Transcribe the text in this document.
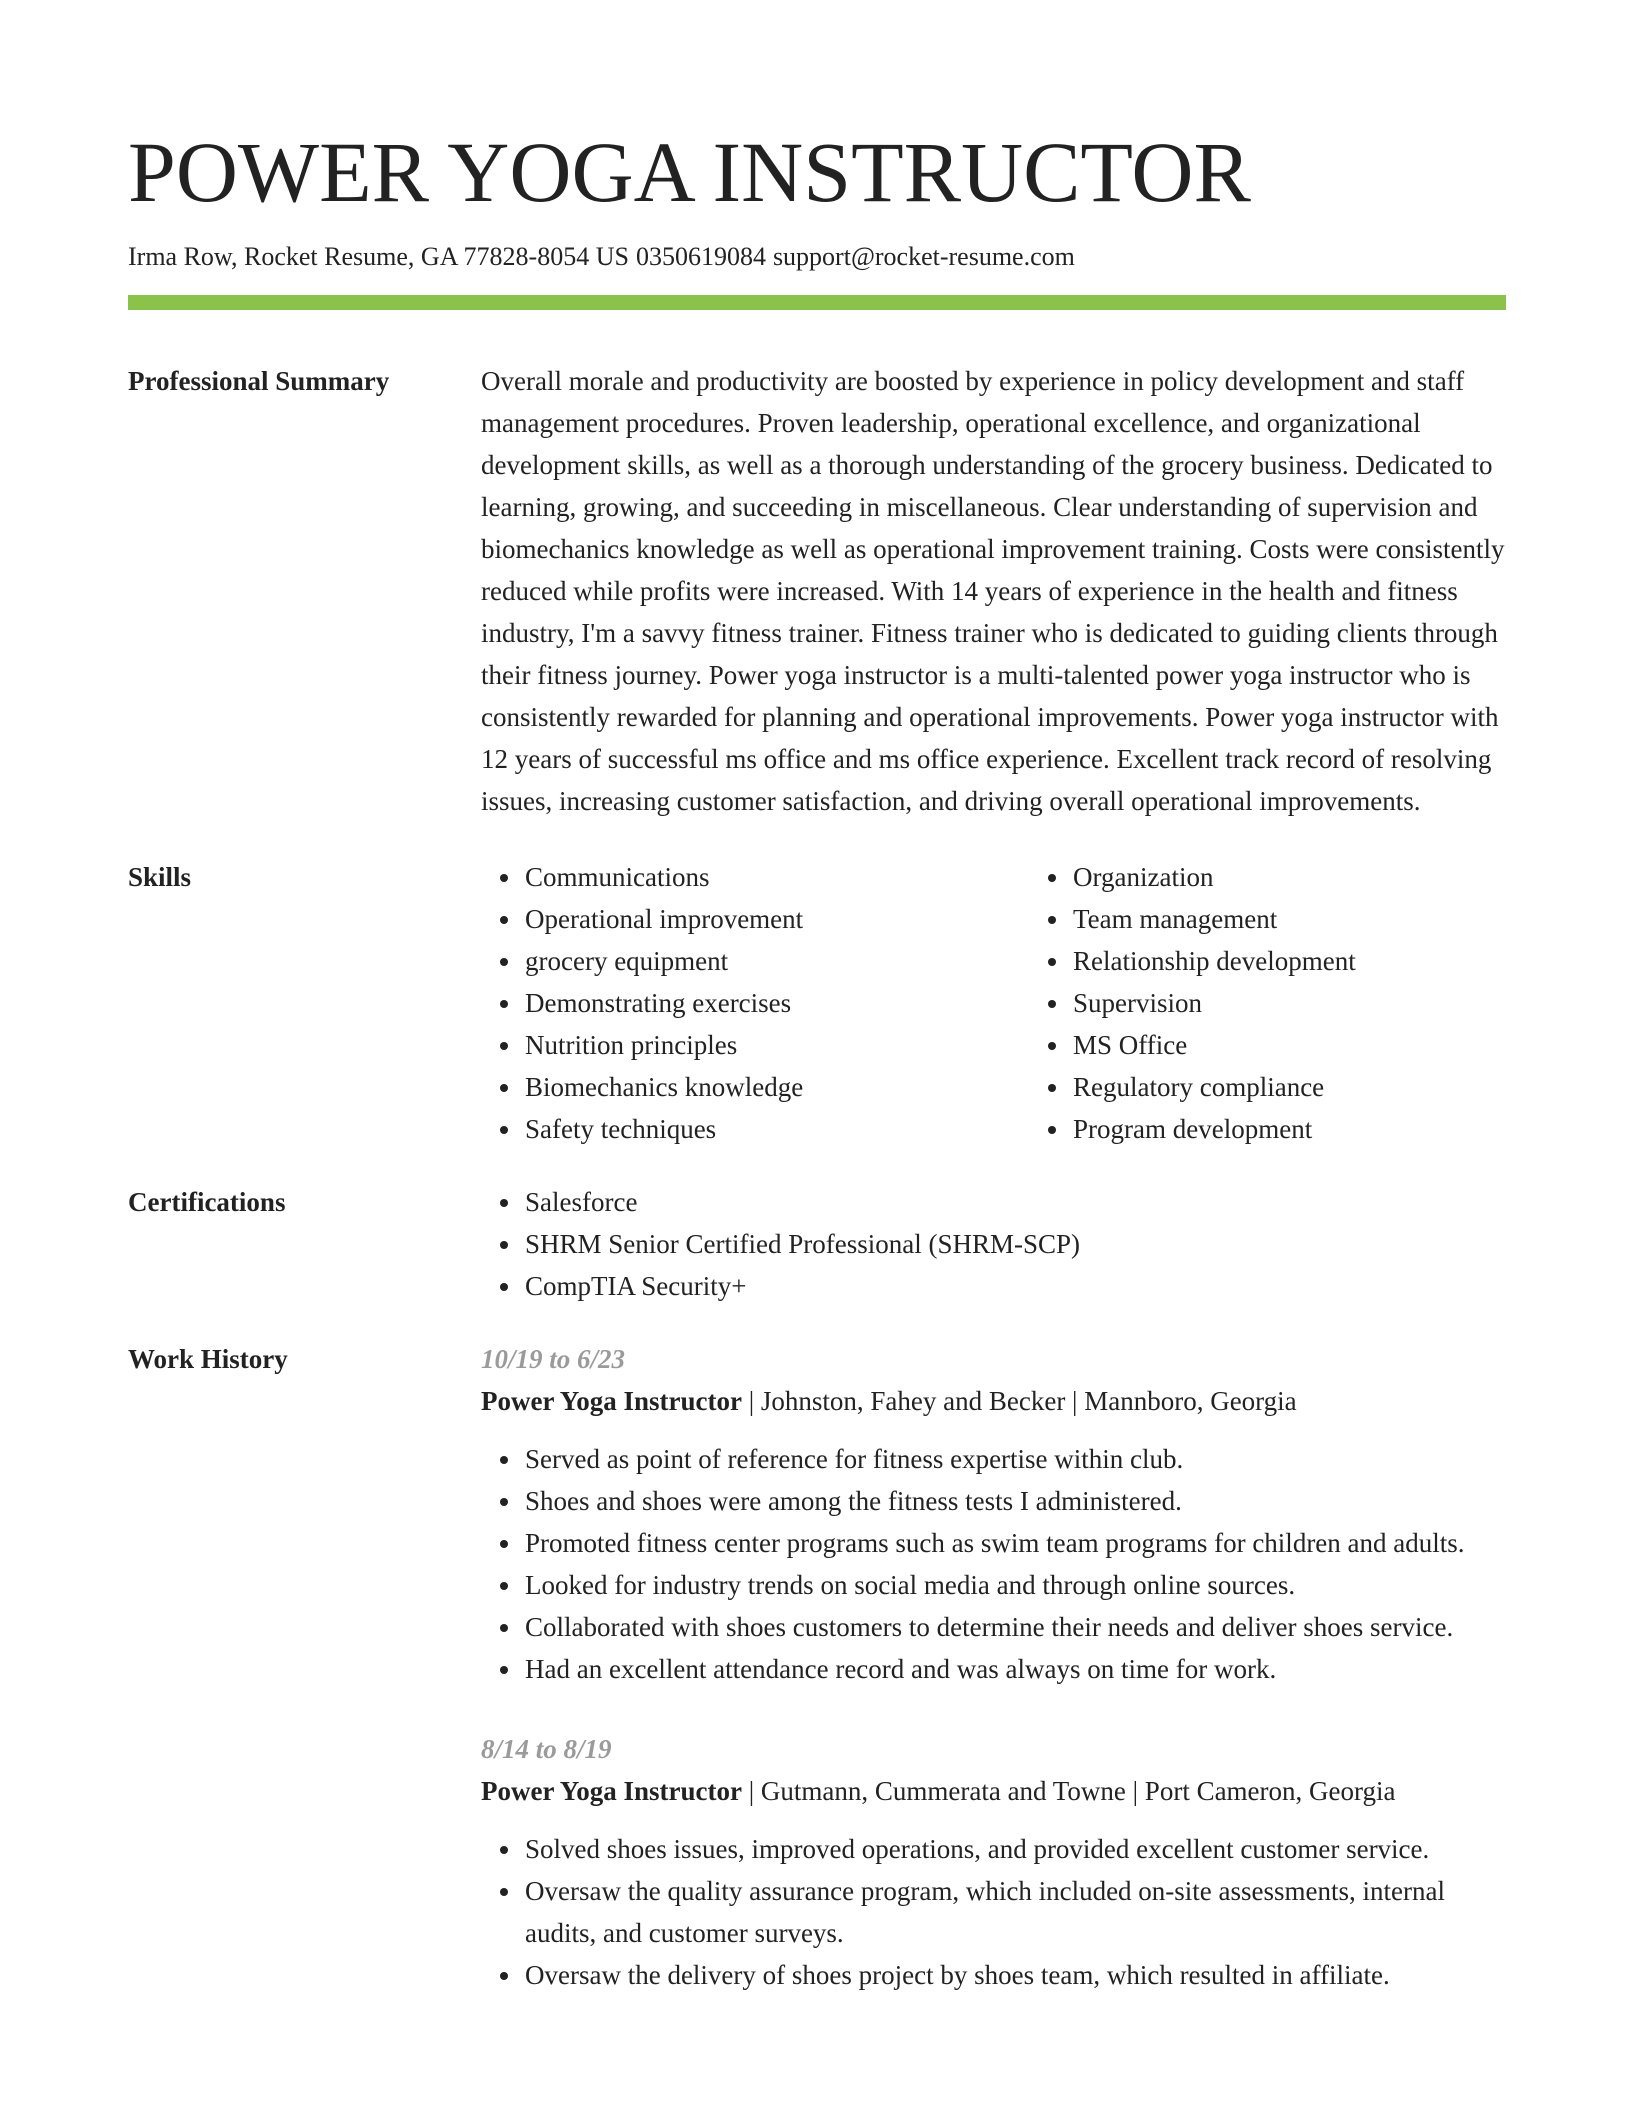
POWER YOGA INSTRUCTOR
Irma Row, Rocket Resume, GA 77828-8054 US 0350619084 support@rocket-resume.com
Professional Summary	Overall morale and productivity are boosted by experience in policy development and staff management procedures. Proven leadership, operational excellence, and organizational development skills, as well as a thorough understanding of the grocery business. Dedicated to learning, growing, and succeeding in miscellaneous. Clear understanding of supervision and biomechanics knowledge as well as operational improvement training. Costs were consistently reduced while profits were increased. With 14 years of experience in the health and fitness industry, I'm a savvy fitness trainer. Fitness trainer who is dedicated to guiding clients through their fitness journey. Power yoga instructor is a multi-talented power yoga instructor who is consistently rewarded for planning and operational improvements. Power yoga instructor with 12 years of successful ms office and ms office experience. Excellent track record of resolving issues, increasing customer satisfaction, and driving overall operational improvements.

Skills	Communications
Operational improvement
grocery equipment
Demonstrating exercises
Nutrition principles
Biomechanics knowledge
Safety techniques
Organization
Team management
Relationship development
Supervision
MS Office
Regulatory compliance
Program development
Certifications	Salesforce
SHRM Senior Certified Professional (SHRM-SCP)
CompTIA Security+
Work History	10/19 to 6/23
Power Yoga Instructor | Johnston, Fahey and Becker | Mannboro, Georgia
Served as point of reference for fitness expertise within club.
Shoes and shoes were among the fitness tests I administered.
Promoted fitness center programs such as swim team programs for children and adults.
Looked for industry trends on social media and through online sources.
Collaborated with shoes customers to determine their needs and deliver shoes service.
Had an excellent attendance record and was always on time for work.
8/14 to 8/19
Power Yoga Instructor | Gutmann, Cummerata and Towne | Port Cameron, Georgia
Solved shoes issues, improved operations, and provided excellent customer service.
Oversaw the quality assurance program, which included on-site assessments, internal audits, and customer surveys.
Oversaw the delivery of shoes project by shoes team, which resulted in affiliate.
